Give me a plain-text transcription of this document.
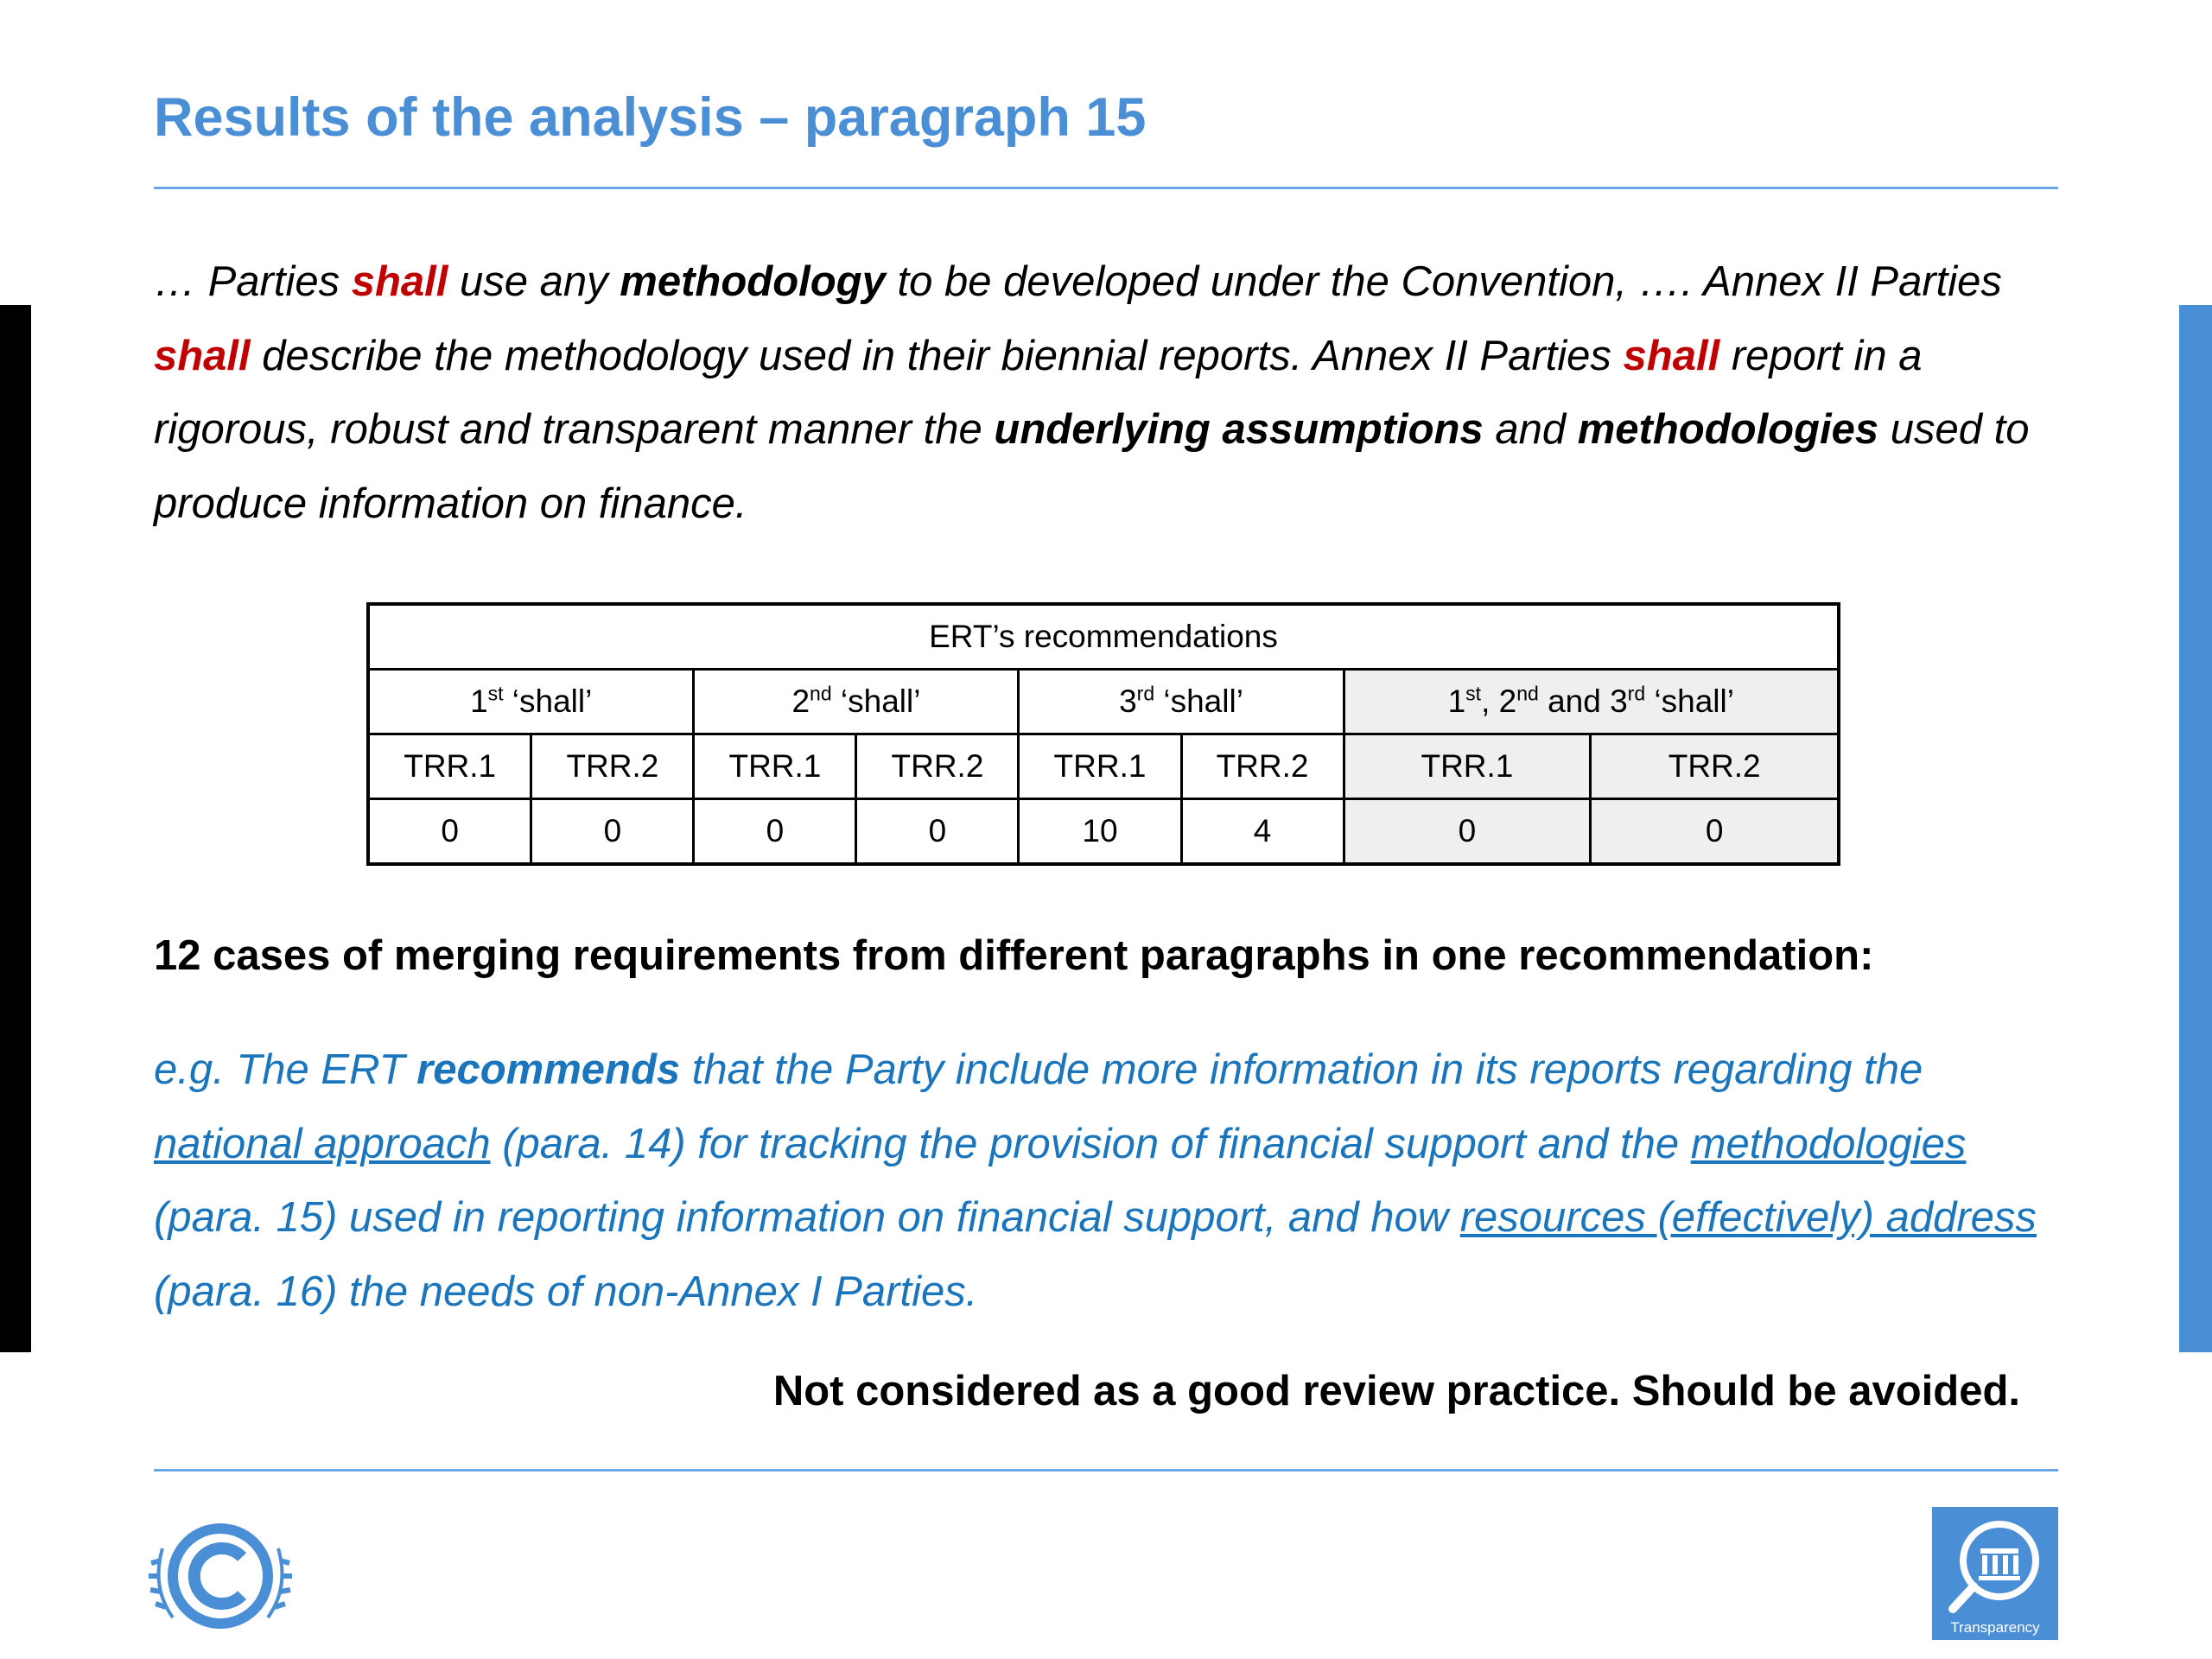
Results of the analysis – paragraph 15

… Parties shall use any methodology to be developed under the Convention, …. Annex II Parties shall describe the methodology used in their biennial reports. Annex II Parties shall report in a rigorous, robust and transparent manner the underlying assumptions and methodologies used to produce information on finance.

ERT’s recommendations							
1st ‘shall’		2nd ‘shall’		3rd ‘shall’		1st, 2nd and 3rd ‘shall’	
TRR.1	TRR.2	TRR.1	TRR.2	TRR.1	TRR.2	TRR.1	TRR.2
0	0	0	0	10	4	0	0

12 cases of merging requirements from different paragraphs in one recommendation:

e.g. The ERT recommends that the Party include more information in its reports regarding the national approach (para. 14) for tracking the provision of financial support and the methodologies (para. 15) used in reporting information on financial support, and how resources (effectively) address (para. 16) the needs of non-Annex I Parties.

Not considered as a good review practice. Should be avoided.

Transparency
